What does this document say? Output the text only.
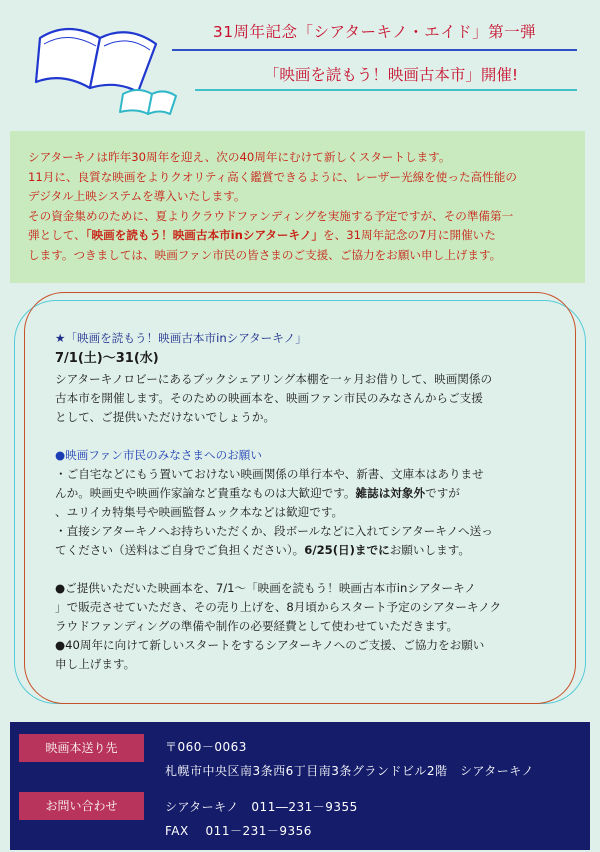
31周年記念「シアターキノ・エイド」第一弾
「映画を読もう！映画古本市」開催!

シアターキノは昨年30周年を迎え、次の40周年にむけて新しくスタートします。

11月に、良質な映画をよりクオリティ高く鑑賞できるように、レーザー光線を使った高性能の

デジタル上映システムを導入いたします。

その資金集めのために、夏よりクラウドファンディングを実施する予定ですが、その準備第一

弾として、「映画を読もう！映画古本市inシアターキノ」を、31周年記念の7月に開催いた

します。つきましては、映画ファン市民の皆さまのご支援、ご協力をお願い申し上げます。

★「映画を読もう！映画古本市inシアターキノ」

7/1(土)～31(水)

シアターキノロビーにあるブックシェアリング本棚を一ヶ月お借りして、映画関係の

古本市を開催します。そのための映画本を、映画ファン市民のみなさんからご支援

として、ご提供いただけないでしょうか。

●映画ファン市民のみなさまへのお願い

・ご自宅などにもう置いておけない映画関係の単行本や、新書、文庫本はありませ

んか。映画史や映画作家論など貴重なものは大歓迎です。雑誌は対象外ですが

、ユリイカ特集号や映画監督ムック本などは歓迎です。

・直接シアターキノへお持ちいただくか、段ボールなどに入れてシアターキノへ送っ

てください（送料はご自身でご負担ください）。6/25(日)までにお願いします。

●ご提供いただいた映画本を、7/1～「映画を読もう！映画古本市inシアターキノ

」で販売させていただき、その売り上げを、8月頃からスタート予定のシアターキノク

ラウドファンディングの準備や制作の必要経費として使わせていただきます。

●40周年に向けて新しいスタートをするシアターキノへのご支援、ご協力をお願い

申し上げます。

映画本送り先	〒060－0063
札幌市中央区南3条西6丁目南3条グランドビル2階　シアターキノ
お問い合わせ	シアターキノ　011―231－9355
FAX　 011－231－9356
